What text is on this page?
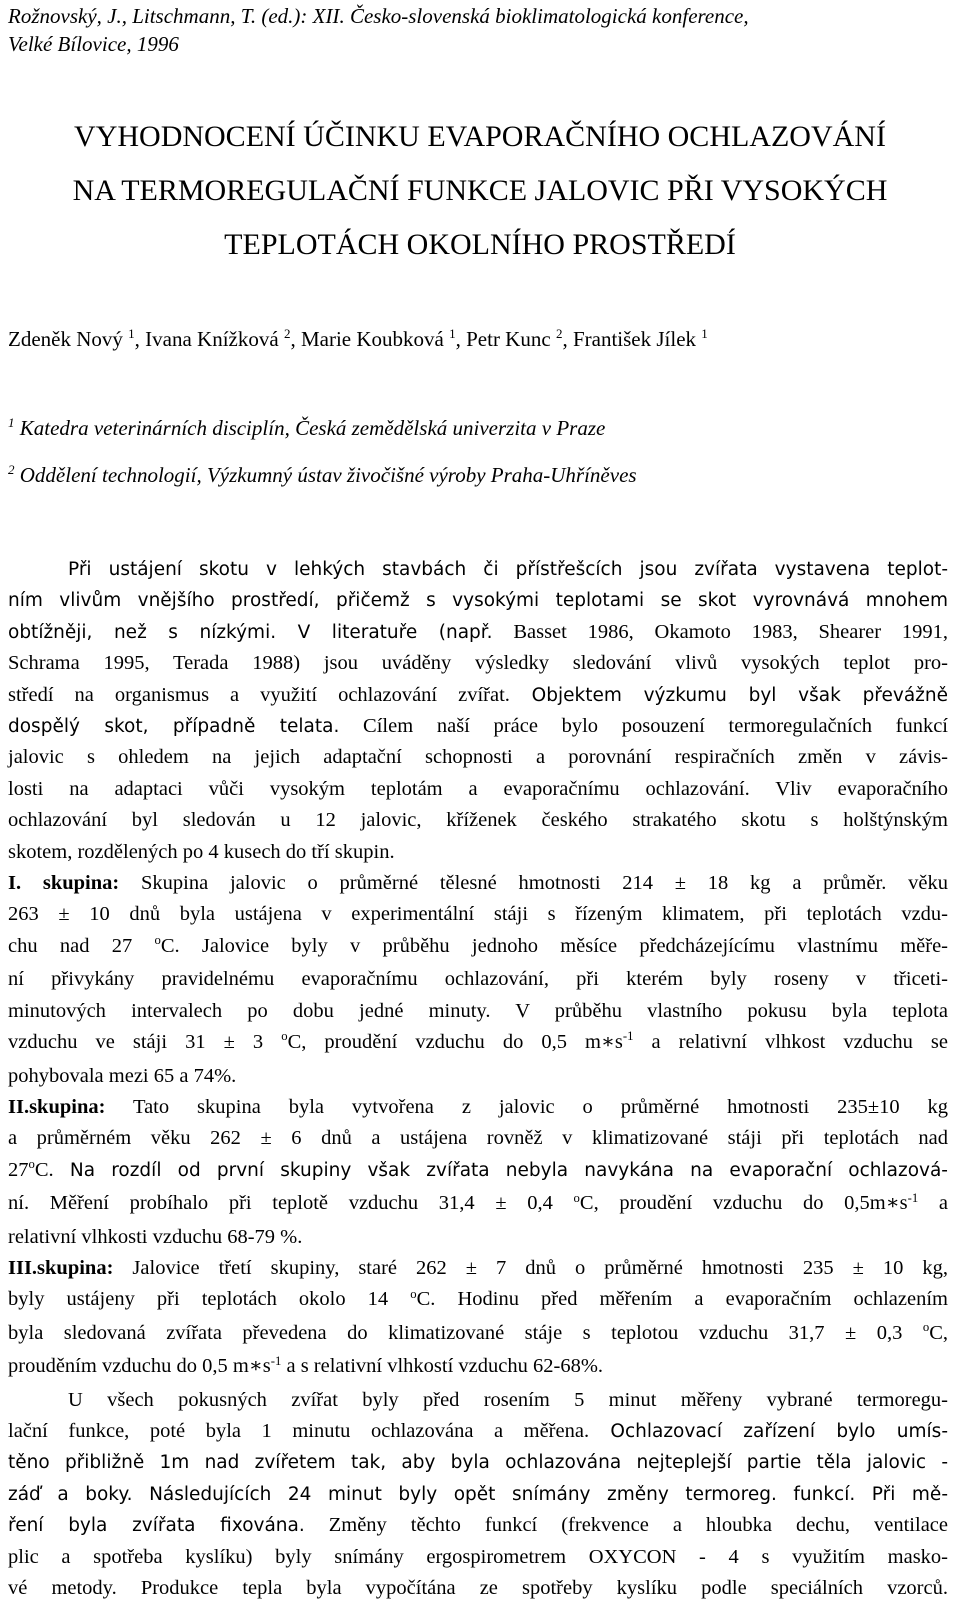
Rožnovský, J., Litschmann, T. (ed.): XII. Česko-slovenská bioklimatologická konference,
Velké Bílovice, 1996
VYHODNOCENÍ ÚČINKU EVAPORAČNÍHO OCHLAZOVÁNÍ
NA TERMOREGULAČNÍ FUNKCE JALOVIC PŘI VYSOKÝCH
TEPLOTÁCH OKOLNÍHO PROSTŘEDÍ
Zdeněk Nový $^1$, Ivana Knížková $^2$, Marie Koubková $^1$, Petr Kunc $^2$, František Jílek $^1$
$^1$ Katedra veterinárních disciplín, Česká zemědělská univerzita v Praze
$^2$ Oddělení technologií, Výzkumný ústav živočišné výroby Praha-Uhříněves

Při ustájení skotu v lehkých stavbách či přístřešcích jsou zvířata vystavena teplot-
ním vlivům vnějšího prostředí, přičemž s vysokými teplotami se skot vyrovnává mnohem
obtížněji, než s nízkými. V literatuře (např. Basset 1986, Okamoto 1983, Shearer 1991,
Schrama 1995, Terada 1988) jsou uváděny výsledky sledování vlivů vysokých teplot pro-
středí na organismus a využití ochlazování zvířat. Objektem výzkumu byl však převážně
dospělý skot, případně telata. Cílem naší práce bylo posouzení termoregulačních funkcí
jalovic s ohledem na jejich adaptační schopnosti a porovnání respiračních změn v závis-
losti na adaptaci vůči vysokým teplotám a evaporačnímu ochlazování. Vliv evaporačního
ochlazování byl sledován u 12 jalovic, kříženek českého strakatého skotu s holštýnským
skotem, rozdělených po 4 kusech do tří skupin.

I. skupina: Skupina jalovic o průměrné tělesné hmotnosti 214 ± 18 kg a průměr. věku
263 ± 10 dnů byla ustájena v experimentální stáji s řízeným klimatem, při teplotách vzdu-
chu nad 27 $^o$C. Jalovice byly v průběhu jednoho měsíce předcházejícímu vlastnímu měře-
ní přivykány pravidelnému evaporačnímu ochlazování, při kterém byly roseny v třiceti-
minutových intervalech po dobu jedné minuty. V průběhu vlastního pokusu byla teplota
vzduchu ve stáji 31 ± 3 $^o$C, proudění vzduchu do 0,5 $m∗s^{-1}$ a relativní vlhkost vzduchu se
pohybovala mezi 65 a 74%.

II.skupina: Tato skupina byla vytvořena z jalovic o průměrné hmotnosti 235±10 kg
a průměrném věku 262 ± 6 dnů a ustájena rovněž v klimatizované stáji při teplotách nad
27$^o$C. Na rozdíl od první skupiny však zvířata nebyla navykána na evaporační ochlazová-
ní. Měření probíhalo při teplotě vzduchu 31,4 ± 0,4 $^o$C, proudění vzduchu do $0,5m∗s^{-1}$ a
relativní vlhkosti vzduchu 68-79 %.

III.skupina: Jalovice třetí skupiny, staré 262 ± 7 dnů o průměrné hmotnosti 235 ± 10 kg,
byly ustájeny při teplotách okolo 14 $^o$C. Hodinu před měřením a evaporačním ochlazením
byla sledovaná zvířata převedena do klimatizované stáje s teplotou vzduchu 31,7 ± 0,3 $^o$C,
prouděním vzduchu do 0,5 $m∗s^{-1}$ a s relativní vlhkostí vzduchu 62-68%.

U všech pokusných zvířat byly před rosením 5 minut měřeny vybrané termoregu-
lační funkce, poté byla 1 minutu ochlazována a měřena. Ochlazovací zařízení bylo umís-
těno přibližně 1m nad zvířetem tak, aby byla ochlazována nejteplejší partie těla jalovic -
záď a boky. Následujících 24 minut byly opět snímány změny termoreg. funkcí. Při mě-
ření byla zvířata fixována. Změny těchto funkcí (frekvence a hloubka dechu, ventilace
plic a spotřeba kyslíku) byly snímány ergospirometrem OXYCON - 4 s využitím masko-
vé metody. Produkce tepla byla vypočítána ze spotřeby kyslíku podle speciálních vzorců.
